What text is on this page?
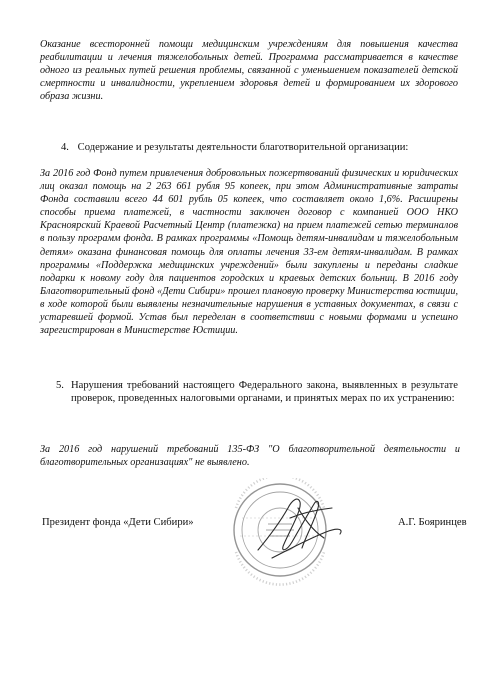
Оказание всесторонней помощи медицинским учреждениям для повышения качества реабилитации и лечения тяжелобольных детей. Программа рассматривается в качестве одного из реальных путей решения проблемы, связанной с уменьшением показателей детской смертности и инвалидности, укреплением здоровья детей и формированием их здорового образа жизни.

4. Содержание и результаты деятельности благотворительной организации:

За 2016 год Фонд путем привлечения добровольных пожертвований физических и юридических лиц оказал помощь на 2 263 661 рубля 95 копеек, при этом Административные затраты Фонда составили всего 44 601 рубль 05 копеек, что составляет около 1,6%. Расширены способы приема платежей, в частности заключен договор с компанией ООО НКО Красноярский Краевой Расчетный Центр (платежка) на прием платежей сетью терминалов в пользу программ фонда. В рамках программы «Помощь детям-инвалидам и тяжелобольным детям» оказана финансовая помощь для оплаты лечения 33-ем детям-инвалидам. В рамках программы «Поддержка медицинских учреждений» были закуплены и переданы сладкие подарки к новому году для пациентов городских и краевых детских больниц. В 2016 году Благотворительный фонд «Дети Сибири» прошел плановую проверку Министерства юстиции, в ходе которой были выявлены незначительные нарушения в уставных документах, в связи с устаревшей формой. Устав был переделан в соответствии с новыми формами и успешно зарегистрирован в Министерстве Юстиции.

5. Нарушения требований настоящего Федерального закона, выявленных в результате проверок, проведенных налоговыми органами, и принятых мерах по их устранению:

За 2016 год нарушений требований 135-ФЗ "О благотворительной деятельности и благотворительных организациях" не выявлено.

Президент фонда «Дети Сибири»	А.Г. Бояринцев
